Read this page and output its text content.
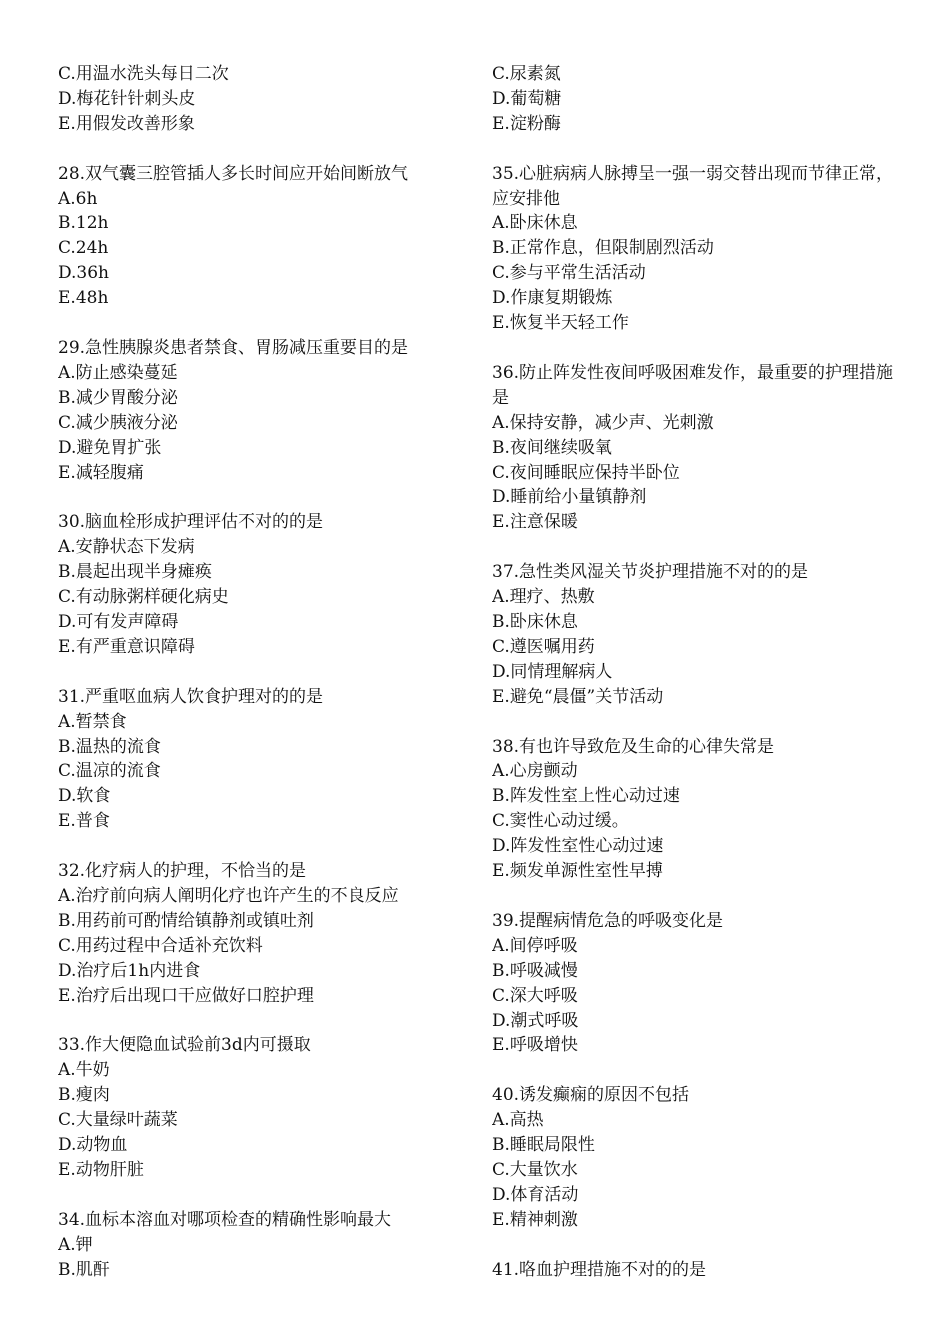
C.用温水洗头每日二次
D.梅花针针刺头皮
E.用假发改善形象
28.双气囊三腔管插人多长时间应开始间断放气
A.6h
B.12h
C.24h
D.36h
E.48h
29.急性胰腺炎患者禁食、胃肠减压重要目的是
A.防止感染蔓延
B.减少胃酸分泌
C.减少胰液分泌
D.避免胃扩张
E.减轻腹痛
30.脑血栓形成护理评估不对的的是
A.安静状态下发病
B.晨起出现半身瘫痪
C.有动脉粥样硬化病史
D.可有发声障碍
E.有严重意识障碍
31.严重呕血病人饮食护理对的的是
A.暂禁食
B.温热的流食
C.温凉的流食
D.软食
E.普食
32.化疗病人的护理，不恰当的是
A.治疗前向病人阐明化疗也许产生的不良反应
B.用药前可酌情给镇静剂或镇吐剂
C.用药过程中合适补充饮料
D.治疗后1h内进食
E.治疗后出现口干应做好口腔护理
33.作大便隐血试验前3d内可摄取
A.牛奶
B.瘦肉
C.大量绿叶蔬菜
D.动物血
E.动物肝脏
34.血标本溶血对哪项检查的精确性影响最大
A.钾
B.肌酐
C.尿素氮
D.葡萄糖
E.淀粉酶
35.心脏病病人脉搏呈一强一弱交替出现而节律正常，应安排他
A.卧床休息
B.正常作息，但限制剧烈活动
C.参与平常生活活动
D.作康复期锻炼
E.恢复半天轻工作
36.防止阵发性夜间呼吸困难发作，最重要的护理措施是
A.保持安静，减少声、光刺激
B.夜间继续吸氧
C.夜间睡眠应保持半卧位
D.睡前给小量镇静剂
E.注意保暖
37.急性类风湿关节炎护理措施不对的的是
A.理疗、热敷
B.卧床休息
C.遵医嘱用药
D.同情理解病人
E.避免“晨僵”关节活动
38.有也许导致危及生命的心律失常是
A.心房颤动
B.阵发性室上性心动过速
C.窦性心动过缓。
D.阵发性室性心动过速
E.频发单源性室性早搏
39.提醒病情危急的呼吸变化是
A.间停呼吸
B.呼吸减慢
C.深大呼吸
D.潮式呼吸
E.呼吸增快
40.诱发癫痫的原因不包括
A.高热
B.睡眠局限性
C.大量饮水
D.体育活动
E.精神刺激
41.咯血护理措施不对的的是
